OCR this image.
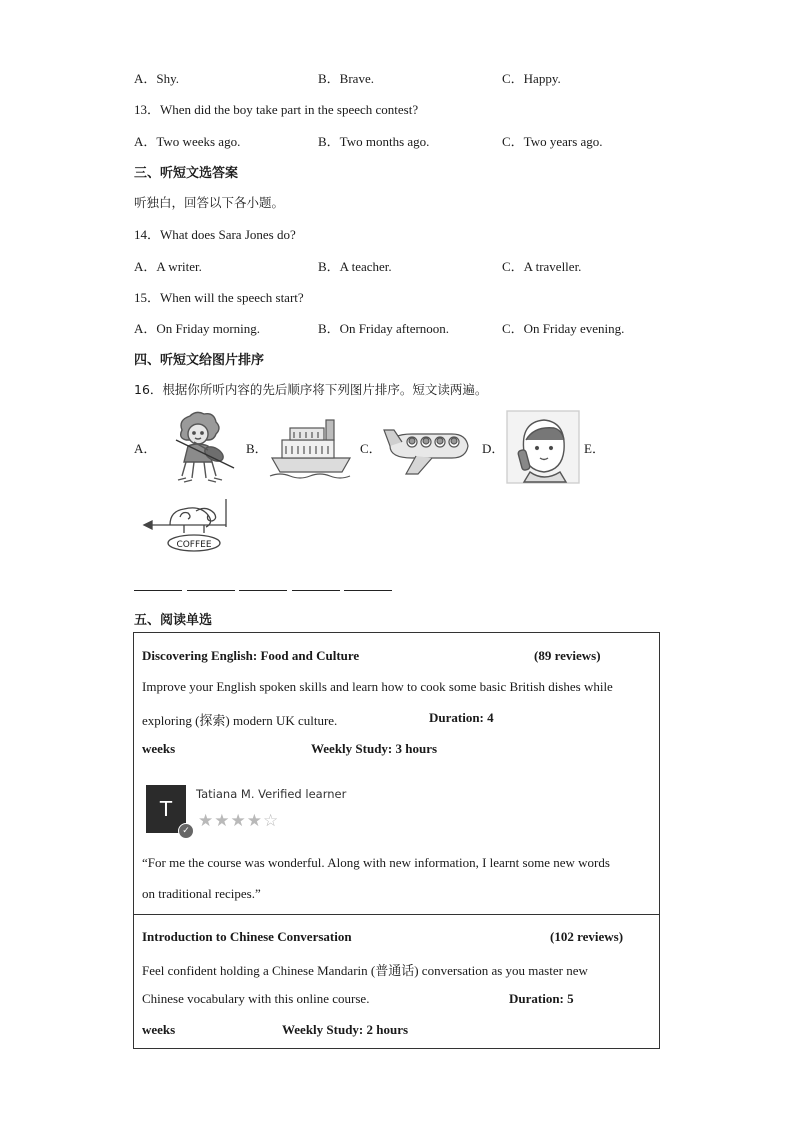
A．Shy.	B．Brave.	C．Happy.
13．When did the boy take part in the speech contest?
A．Two weeks ago.	B．Two months ago.	C．Two years ago.
三、听短文选答案
听独白，回答以下各小题。
14．What does Sara Jones do?
A．A writer.	B．A teacher.	C．A traveller.
15．When will the speech start?
A．On Friday morning.	B．On Friday afternoon.	C．On Friday evening.
四、听短文给图片排序
16．根据你所听内容的先后顺序将下列图片排序。短文读两遍。
A．	B．	C．	D．	E．
COFFEE
五、阅读单选
Discovering English: Food and Culture	(89 reviews)
Improve your English spoken skills and learn how to cook some basic British dishes while
exploring (探索) modern UK culture.	Duration: 4
weeks	Weekly Study: 3 hours
T
✓
Tatiana M. Verified learner
★★★★☆
“For me the course was wonderful. Along with new information, I learnt some new words
on traditional recipes.”
Introduction to Chinese Conversation	(102 reviews)
Feel confident holding a Chinese Mandarin (普通话) conversation as you master new
Chinese vocabulary with this online course.	Duration: 5
weeks	Weekly Study: 2 hours
